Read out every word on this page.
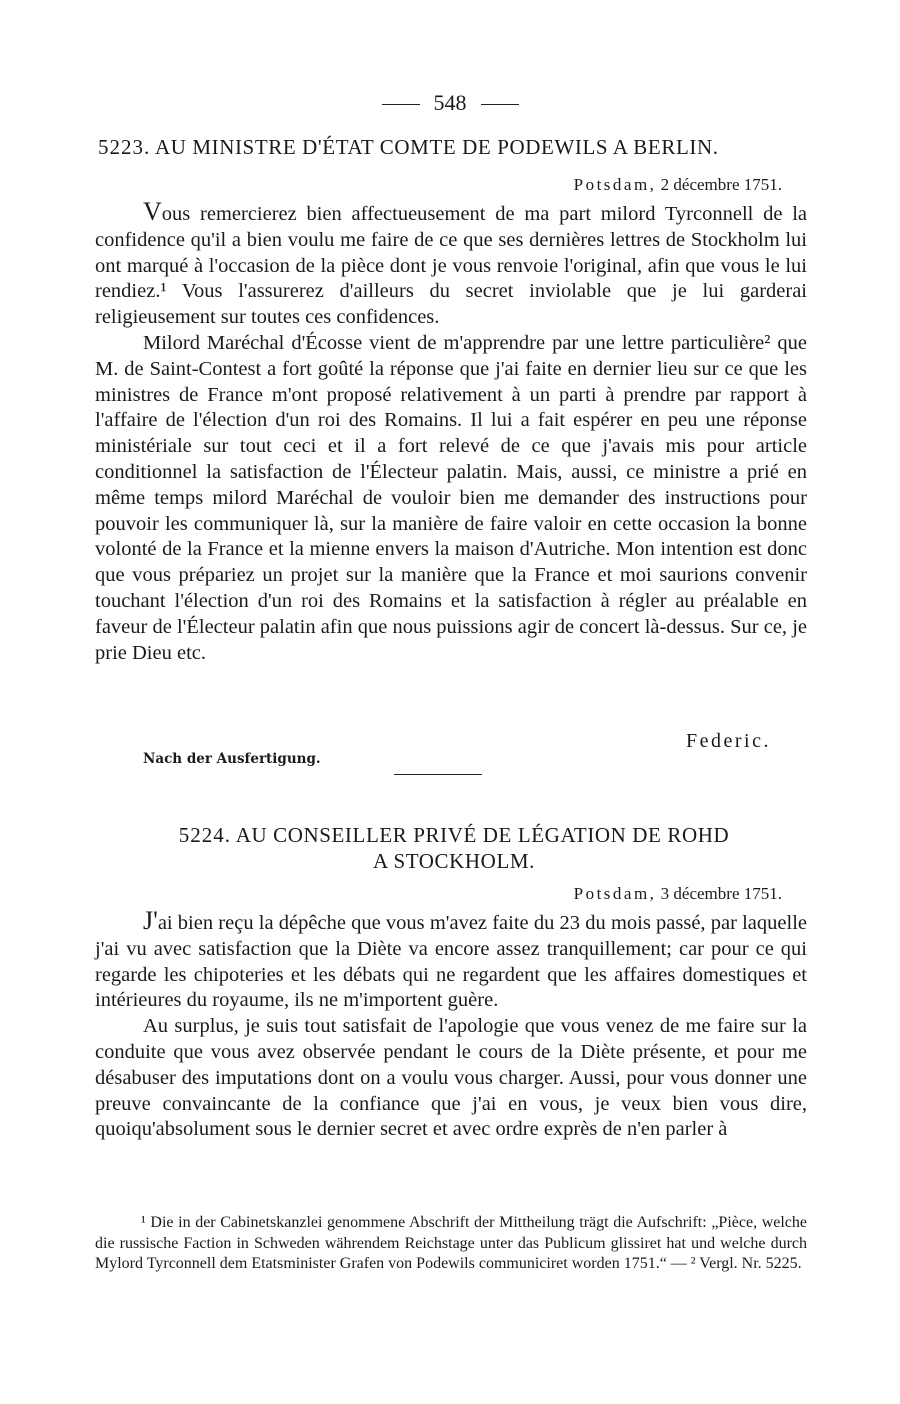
548
5223. AU MINISTRE D'ÉTAT COMTE DE PODEWILS A BERLIN.
Potsdam, 2 décembre 1751.

Vous remercierez bien affectueusement de ma part milord Tyrconnell de la confidence qu'il a bien voulu me faire de ce que ses dernières lettres de Stockholm lui ont marqué à l'occasion de la pièce dont je vous renvoie l'original, afin que vous le lui rendiez.¹ Vous l'assurerez d'ailleurs du secret inviolable que je lui garderai religieusement sur toutes ces confidences.

Milord Maréchal d'Écosse vient de m'apprendre par une lettre particulière² que M. de Saint-Contest a fort goûté la réponse que j'ai faite en dernier lieu sur ce que les ministres de France m'ont proposé relativement à un parti à prendre par rapport à l'affaire de l'élection d'un roi des Romains. Il lui a fait espérer en peu une réponse ministériale sur tout ceci et il a fort relevé de ce que j'avais mis pour article conditionnel la satisfaction de l'Électeur palatin. Mais, aussi, ce ministre a prié en même temps milord Maréchal de vouloir bien me demander des instructions pour pouvoir les communiquer là, sur la manière de faire valoir en cette occasion la bonne volonté de la France et la mienne envers la maison d'Autriche. Mon intention est donc que vous prépariez un projet sur la manière que la France et moi saurions convenir touchant l'élection d'un roi des Romains et la satisfaction à régler au préalable en faveur de l'Électeur palatin afin que nous puissions agir de concert là-dessus. Sur ce, je prie Dieu etc.

Federic.
Nach der Ausfertigung.
5224. AU CONSEILLER PRIVÉ DE LÉGATION DE ROHD
A STOCKHOLM.
Potsdam, 3 décembre 1751.

J'ai bien reçu la dépêche que vous m'avez faite du 23 du mois passé, par laquelle j'ai vu avec satisfaction que la Diète va encore assez tranquillement; car pour ce qui regarde les chipoteries et les débats qui ne regardent que les affaires domestiques et intérieures du royaume, ils ne m'importent guère.

Au surplus, je suis tout satisfait de l'apologie que vous venez de me faire sur la conduite que vous avez observée pendant le cours de la Diète présente, et pour me désabuser des imputations dont on a voulu vous charger. Aussi, pour vous donner une preuve convaincante de la confiance que j'ai en vous, je veux bien vous dire, quoiqu'absolument sous le dernier secret et avec ordre exprès de n'en parler à

¹ Die in der Cabinetskanzlei genommene Abschrift der Mittheilung trägt die Aufschrift: „Pièce, welche die russische Faction in Schweden währendem Reichstage unter das Publicum glissiret hat und welche durch Mylord Tyrconnell dem Etatsminister Grafen von Podewils communiciret worden 1751.“ — ² Vergl. Nr. 5225.
